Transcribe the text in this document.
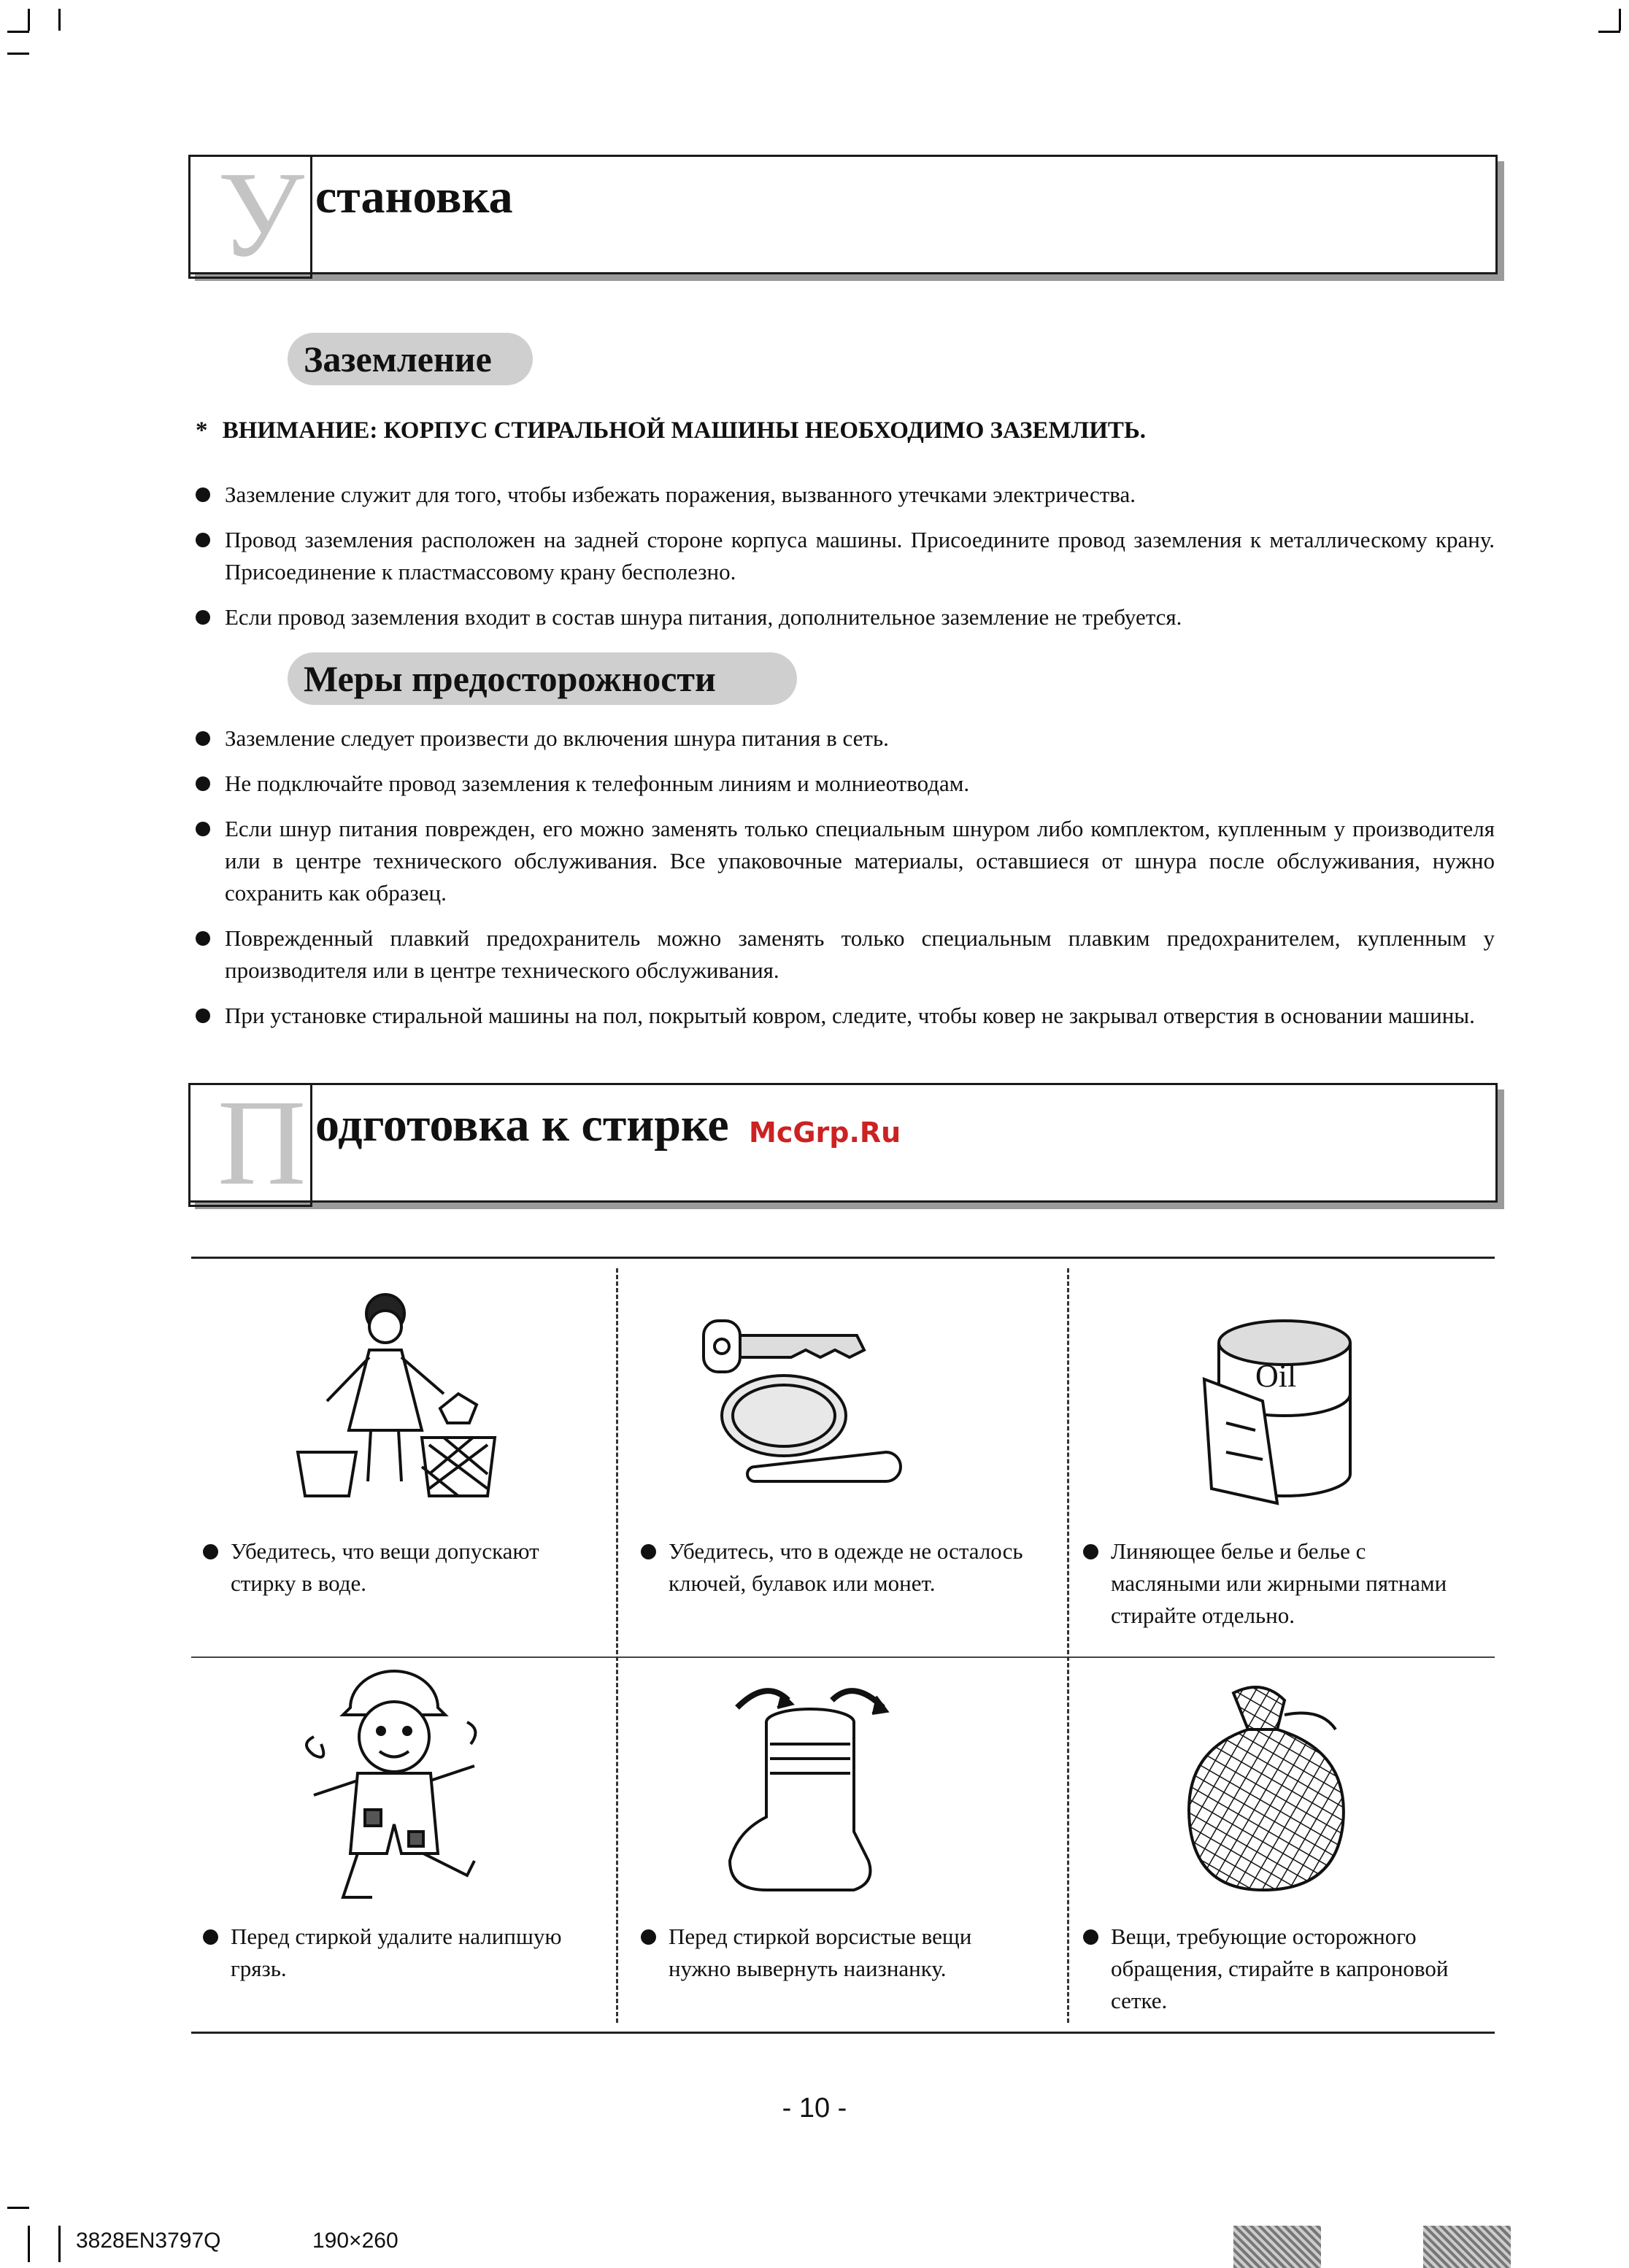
У становка
Заземление
* ВНИМАНИЕ: КОРПУС СТИРАЛЬНОЙ МАШИНЫ НЕОБХОДИМО ЗАЗЕМЛИТЬ.
Заземление служит для того, чтобы избежать поражения, вызванного утечками электричества.
Провод заземления расположен на задней стороне корпуса машины. Присоедините провод заземления к металлическому крану. Присоединение к пластмассовому крану бесполезно.
Если провод заземления входит в состав шнура питания, дополнительное заземление не требуется.
Меры предосторожности
Заземление следует произвести до включения шнура питания в сеть.
Не подключайте провод заземления к телефонным линиям и молниеотводам.
Если шнур питания поврежден, его можно заменять только специальным шнуром либо комплектом, купленным у производителя или в центре технического обслуживания. Все упаковочные материалы, оставшиеся от шнура после обслуживания, нужно сохранить как образец.
Поврежденный плавкий предохранитель можно заменять только специальным плавким предохранителем, купленным у производителя или в центре технического обслуживания.
При установке стиральной машины на пол, покрытый ковром, следите, чтобы ковер не закрывал отверстия в основании машины.
П одготовка к стирке McGrp.Ru
Oil
Убедитесь, что вещи допускают стирку в воде.
Убедитесь, что в одежде не осталось ключей, булавок или монет.
Линяющее белье и белье с масляными или жирными пятнами стирайте отдельно.
Перед стиркой удалите налипшую грязь.
Перед стиркой ворсистые вещи нужно вывернуть наизнанку.
Вещи, требующие осторожного обращения, стирайте в капроновой сетке.
- 10 -
3828EN3797Q	190×260
